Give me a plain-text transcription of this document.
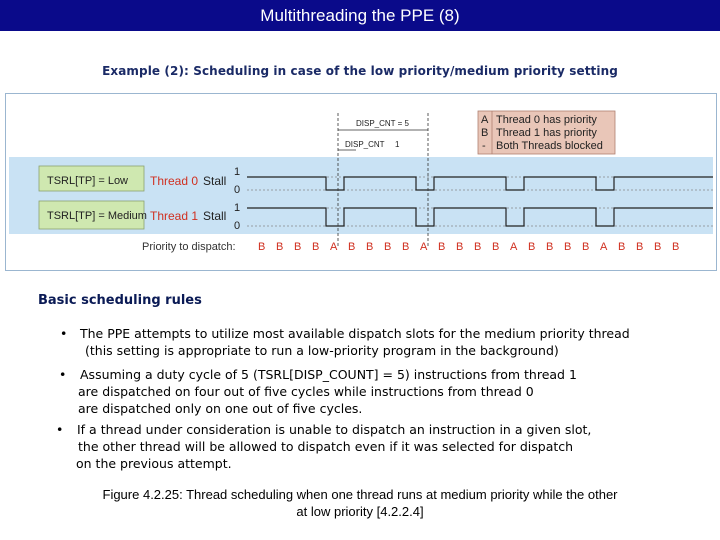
Multithreading the PPE (8)
Example (2): Scheduling in case of the low priority/medium priority setting
TSRL[TP] = Low
TSRL[TP] = Medium
Thread 0
Thread 1
Stall
Stall
1
0
1
0
DISP_CNT = 5
DISP_CNT 1
A Thread 0 has priority
B Thread 1 has priority
- Both Threads blocked
Priority to dispatch: B B B B A B B B B A B B B B A B B B B A B B B B
Basic scheduling rules
• The PPE attempts to utilize most available dispatch slots for the medium priority thread
(this setting is appropriate to run a low-priority program in the background)
• Assuming a duty cycle of 5 (TSRL[DISP_COUNT] = 5) instructions from thread 1
are dispatched on four out of five cycles while instructions from thread 0
are dispatched only on one out of five cycles.
• If a thread under consideration is unable to dispatch an instruction in a given slot,
the other thread will be allowed to dispatch even if it was selected for dispatch
on the previous attempt.
Figure 4.2.25: Thread scheduling when one thread runs at medium priority while the other
at low priority [4.2.2.4]
